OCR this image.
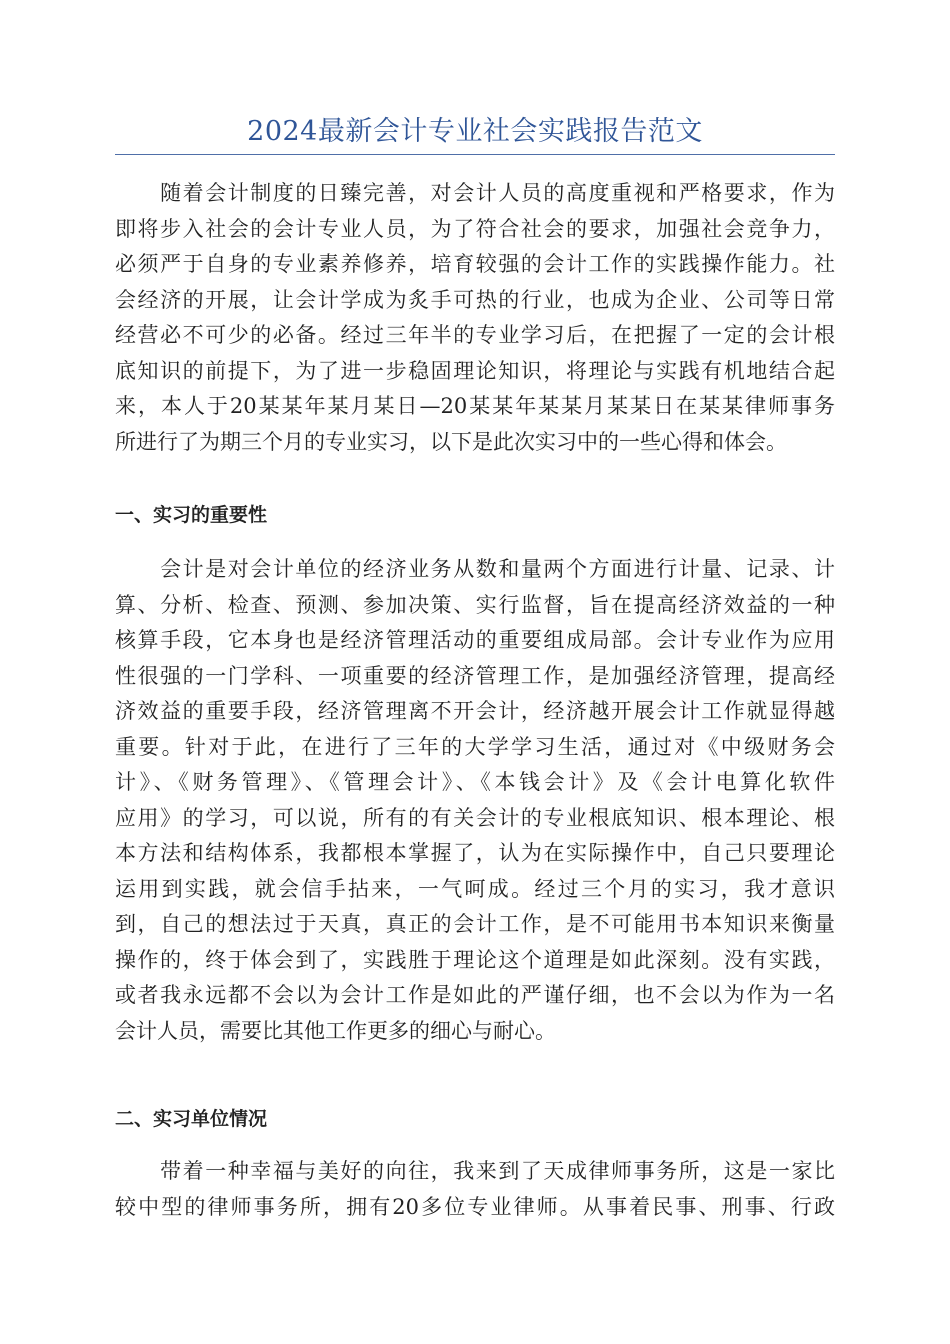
2024最新会计专业社会实践报告范文
　　随着会计制度的日臻完善，对会计人员的高度重视和严格要求，作为
即将步入社会的会计专业人员，为了符合社会的要求，加强社会竞争力，
必须严于自身的专业素养修养，培育较强的会计工作的实践操作能力。社
会经济的开展，让会计学成为炙手可热的行业，也成为企业、公司等日常
经营必不可少的必备。经过三年半的专业学习后，在把握了一定的会计根
底知识的前提下，为了进一步稳固理论知识，将理论与实践有机地结合起
来，本人于20某某年某月某日—20某某年某某月某某日在某某律师事务
所进行了为期三个月的专业实习，以下是此次实习中的一些心得和体会。
一、实习的重要性
　　会计是对会计单位的经济业务从数和量两个方面进行计量、记录、计
算、分析、检查、预测、参加决策、实行监督，旨在提高经济效益的一种
核算手段，它本身也是经济管理活动的重要组成局部。会计专业作为应用
性很强的一门学科、一项重要的经济管理工作，是加强经济管理，提高经
济效益的重要手段，经济管理离不开会计，经济越开展会计工作就显得越
重要。针对于此，在进行了三年的大学学习生活，通过对《中级财务会
计》、《财务管理》、《管理会计》、《本钱会计》及《会计电算化软件
应用》的学习，可以说，所有的有关会计的专业根底知识、根本理论、根
本方法和结构体系，我都根本掌握了，认为在实际操作中，自己只要理论
运用到实践，就会信手拈来，一气呵成。经过三个月的实习，我才意识
到，自己的想法过于天真，真正的会计工作，是不可能用书本知识来衡量
操作的，终于体会到了，实践胜于理论这个道理是如此深刻。没有实践，
或者我永远都不会以为会计工作是如此的严谨仔细，也不会以为作为一名
会计人员，需要比其他工作更多的细心与耐心。
二、实习单位情况
　　带着一种幸福与美好的向往，我来到了天成律师事务所，这是一家比
较中型的律师事务所，拥有20多位专业律师。从事着民事、刑事、行政
